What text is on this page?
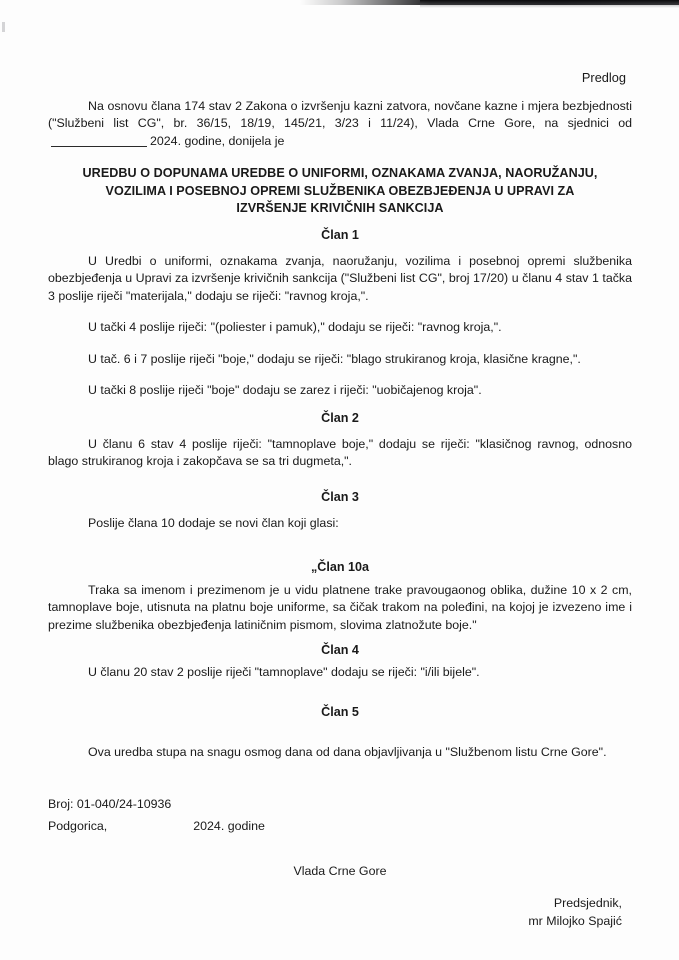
Predlog

Na osnovu člana 174 stav 2 Zakona o izvršenju kazni zatvora, novčane kazne i mjera bezbjednosti ("Službeni list CG", br. 36/15, 18/19, 145/21, 3/23 i 11/24), Vlada Crne Gore, na sjednici od2024. godine, donijela je

UREDBU O DOPUNAMA UREDBE O UNIFORMI, OZNAKAMA ZVANJA, NAORUŽANJU,
VOZILIMA I POSEBNOJ OPREMI SLUŽBENIKA OBEZBJEĐENJA U UPRAVI ZA
IZVRŠENJE KRIVIČNIH SANKCIJA
Član 1

U Uredbi o uniformi, oznakama zvanja, naoružanju, vozilima i posebnoj opremi službenika obezbjeđenja u Upravi za izvršenje krivičnih sankcija ("Službeni list CG", broj 17/20) u članu 4 stav 1 tačka 3 poslije riječi "materijala," dodaju se riječi: "ravnog kroja,".

U tački 4 poslije riječi: "(poliester i pamuk)," dodaju se riječi: "ravnog kroja,".

U tač. 6 i 7 poslije riječi "boje," dodaju se riječi: "blago strukiranog kroja, klasične kragne,".

U tački 8 poslije riječi "boje" dodaju se zarez i riječi: "uobičajenog kroja".

Član 2

U članu 6 stav 4 poslije riječi: "tamnoplave boje," dodaju se riječi: "klasičnog ravnog, odnosno blago strukiranog kroja i zakopčava se sa tri dugmeta,".

Član 3

Poslije člana 10 dodaje se novi član koji glasi:

„Član 10a

Traka sa imenom i prezimenom je u vidu platnene trake pravougaonog oblika, dužine 10 x 2 cm, tamnoplave boje, utisnuta na platnu boje uniforme, sa čičak trakom na poleđini, na kojoj je izvezeno ime i prezime službenika obezbjeđenja latiničnim pismom, slovima zlatnožute boje."

Član 4

U članu 20 stav 2 poslije riječi "tamnoplave" dodaju se riječi: "i/ili bijele".

Član 5

Ova uredba stupa na snagu osmog dana od dana objavljivanja u "Službenom listu Crne Gore".

Broj: 01-040/24-10936
Podgorica,	2024. godine
Vlada Crne Gore
Predsjednik,
mr Milojko Spajić
